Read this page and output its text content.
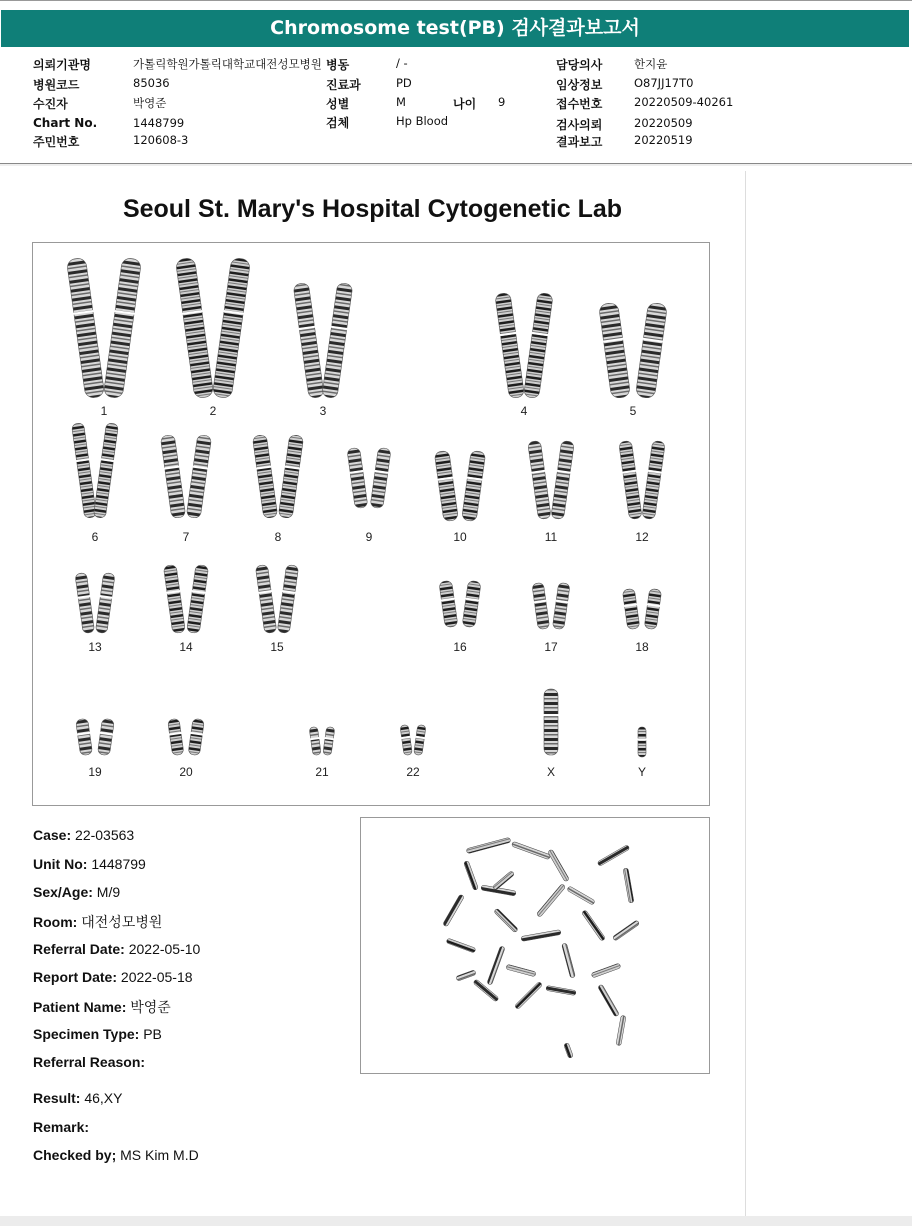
Chromosome test(PB) 검사결과보고서
의뢰기관명	가톨릭학원가톨릭대학교대전성모병원
병원코드	85036
수진자	박영준
Chart No.	1448799
주민번호	120608-3
병동	/ -
진료과	PD
성별	M
검체	Hp Blood
나이 9
담당의사	한지윤
임상정보	O87JJ17T0
접수번호	20220509-40261
검사의뢰	20220509
결과보고	20220519
Seoul St. Mary's Hospital Cytogenetic Lab
1	2	3	4	5
6	7	8	9	10	11	12
13	14	15	16	17	18
19	20	21	22	X	Y
Case: 22-03563
Unit No: 1448799
Sex/Age: M/9
Room: 대전성모병원
Referral Date: 2022-05-10
Report Date: 2022-05-18
Patient Name: 박영준
Specimen Type: PB
Referral Reason:
Result: 46,XY
Remark:
Checked by; MS Kim M.D
